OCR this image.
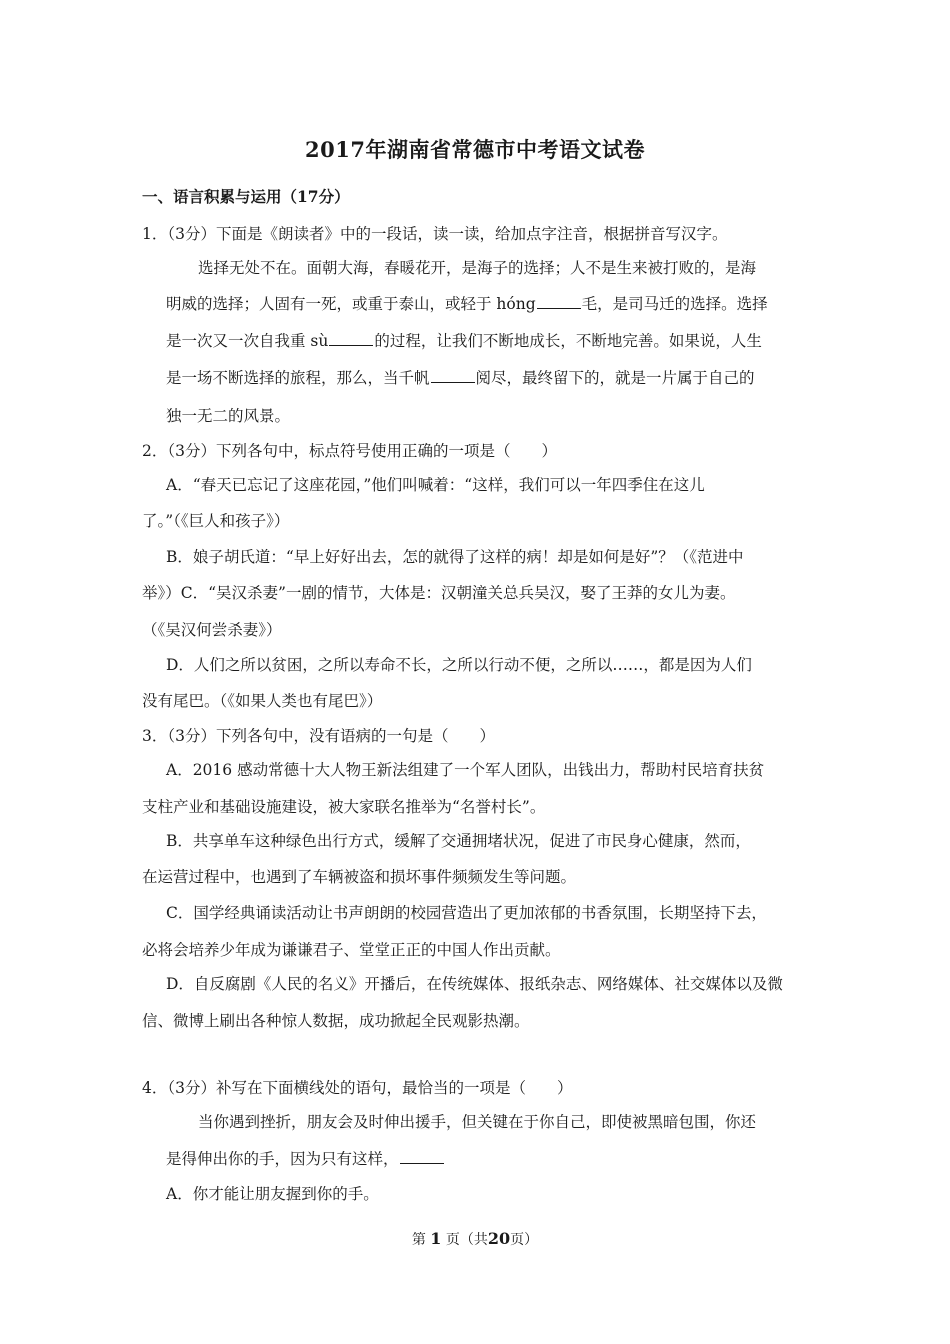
2017年湖南省常德市中考语文试卷
一、语言积累与运用（17分）
1．（3分）下面是《朗读者》中的一段话，读一读，给加点字注音，根据拼音写汉字。
选择无处不在。面朝大海，春暖花开，是海子的选择；人不是生来被打败的，是海
明威的选择；人固有一死，或重于泰山，或轻于 hóng	毛，是司马迁的选择。选择
是一次又一次自我重 sù	的过程，让我们不断地成长，不断地完善。如果说，人生
是一场不断选择的旅程，那么，当千帆	阅尽，最终留下的，就是一片属于自己的
独一无二的风景。
2．（3分）下列各句中，标点符号使用正确的一项是（　　）
A．“春天已忘记了这座花园，”他们叫喊着：“这样，我们可以一年四季住在这儿
了。”（《巨人和孩子》）
B．娘子胡氏道：“早上好好出去，怎的就得了这样的病！却是如何是好”？（《范进中
举》）C．“吴汉杀妻”一剧的情节，大体是：汉朝潼关总兵吴汉，娶了王莽的女儿为妻。
（《吴汉何尝杀妻》）
D．人们之所以贫困，之所以寿命不长，之所以行动不便，之所以……，都是因为人们
没有尾巴。（《如果人类也有尾巴》）
3．（3分）下列各句中，没有语病的一句是（　　）
A．2016 感动常德十大人物王新法组建了一个军人团队，出钱出力，帮助村民培育扶贫
支柱产业和基础设施建设，被大家联名推举为“名誉村长”。
B．共享单车这种绿色出行方式，缓解了交通拥堵状况，促进了市民身心健康，然而，
在运营过程中，也遇到了车辆被盗和损坏事件频频发生等问题。
C．国学经典诵读活动让书声朗朗的校园营造出了更加浓郁的书香氛围，长期坚持下去，
必将会培养少年成为谦谦君子、堂堂正正的中国人作出贡献。
D．自反腐剧《人民的名义》开播后，在传统媒体、报纸杂志、网络媒体、社交媒体以及微
信、微博上刷出各种惊人数据，成功掀起全民观影热潮。
4．（3分）补写在下面横线处的语句，最恰当的一项是（　　）
当你遇到挫折，朋友会及时伸出援手，但关键在于你自己，即使被黑暗包围，你还
是得伸出你的手，因为只有这样，
A．你才能让朋友握到你的手。
第 1 页（共20页）
